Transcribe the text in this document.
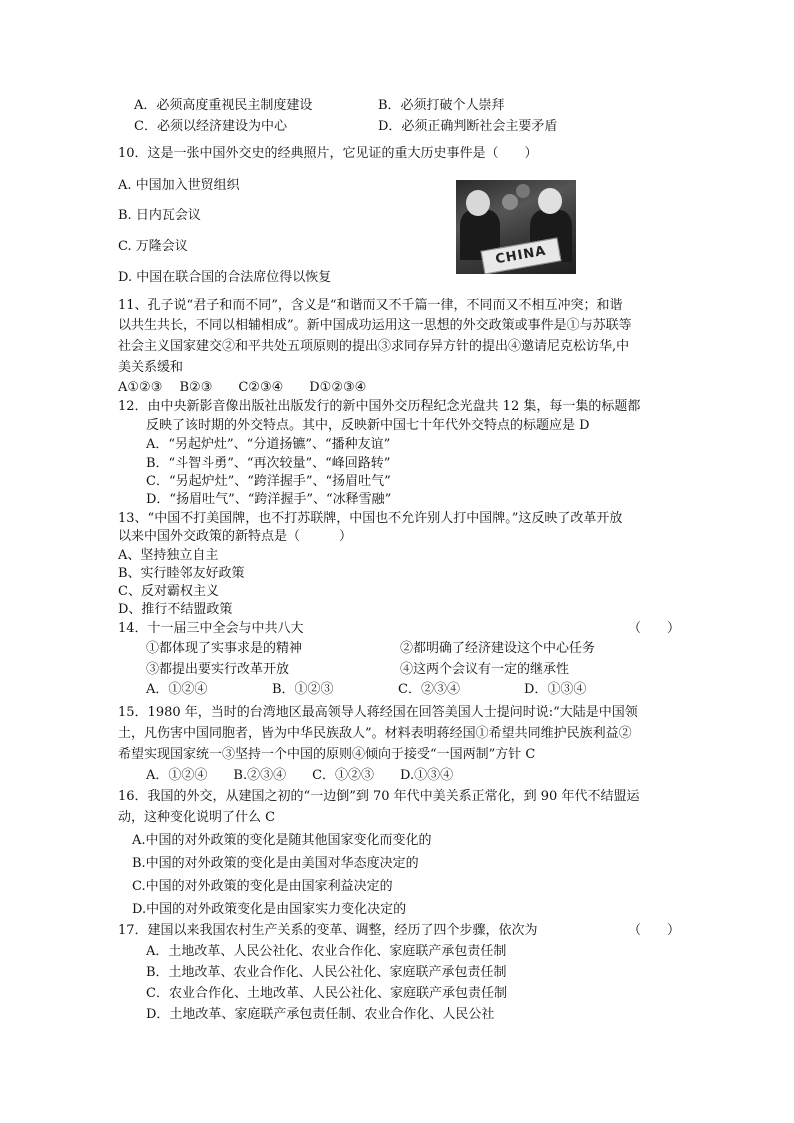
A．必须高度重视民主制度建设	B．必须打破个人崇拜
C．必须以经济建设为中心	D．必须正确判断社会主要矛盾
10．这是一张中国外交史的经典照片，它见证的重大历史事件是（　　）
A. 中国加入世贸组织
B. 日内瓦会议
C. 万隆会议
D. 中国在联合国的合法席位得以恢复
CHINA
11、孔子说“君子和而不同”，含义是“和谐而又不千篇一律，不同而又不相互冲突；和谐
以共生共长，不同以相辅相成”。新中国成功运用这一思想的外交政策或事件是①与苏联等
社会主义国家建交②和平共处五项原则的提出③求同存异方针的提出④邀请尼克松访华,中
美关系缓和
A①②③　 B②③　　C②③④　　D①②③④
12．由中央新影音像出版社出版发行的新中国外交历程纪念光盘共 12 集，每一集的标题都
反映了该时期的外交特点。其中，反映新中国七十年代外交特点的标题应是 D
A．“另起炉灶”、“分道扬镳”、“播种友谊”
B．“斗智斗勇”、“再次较量”、“峰回路转”
C．“另起炉灶”、“跨洋握手”、“扬眉吐气”
D．“扬眉吐气”、“跨洋握手”、“冰释雪融”
13、“中国不打美国牌，也不打苏联牌，中国也不允许别人打中国牌。”这反映了改革开放
以来中国外交政策的新特点是（　　　）
A、坚持独立自主
B、实行睦邻友好政策
C、反对霸权主义
D、推行不结盟政策
14．十一届三中全会与中共八大	（　　）
①都体现了实事求是的精神	②都明确了经济建设这个中心任务
③都提出要实行改革开放	④这两个会议有一定的继承性
A．①②④	B．①②③	C．②③④	D．①③④
15．1980 年，当时的台湾地区最高领导人蒋经国在回答美国人士提问时说:“大陆是中国领
土，凡伤害中国同胞者，皆为中华民族敌人”。材料表明蒋经国①希望共同维护民族利益②
希望实现国家统一③坚持一个中国的原则④倾向于接受“一国两制”方针 C
A．①②④　　B.②③④　　C．①②③　　D.①③④
16．我国的外交，从建国之初的“一边倒”到 70 年代中美关系正常化，到 90 年代不结盟运
动，这种变化说明了什么 C
A.中国的对外政策的变化是随其他国家变化而变化的
B.中国的对外政策的变化是由美国对华态度决定的
C.中国的对外政策的变化是由国家利益决定的
D.中国的对外政策变化是由国家实力变化决定的
17．建国以来我国农村生产关系的变革、调整，经历了四个步骤，依次为	（　　）
A．土地改革、人民公社化、农业合作化、家庭联产承包责任制
B．土地改革、农业合作化、人民公社化、家庭联产承包责任制
C．农业合作化、土地改革、人民公社化、家庭联产承包责任制
D．土地改革、家庭联产承包责任制、农业合作化、人民公社
